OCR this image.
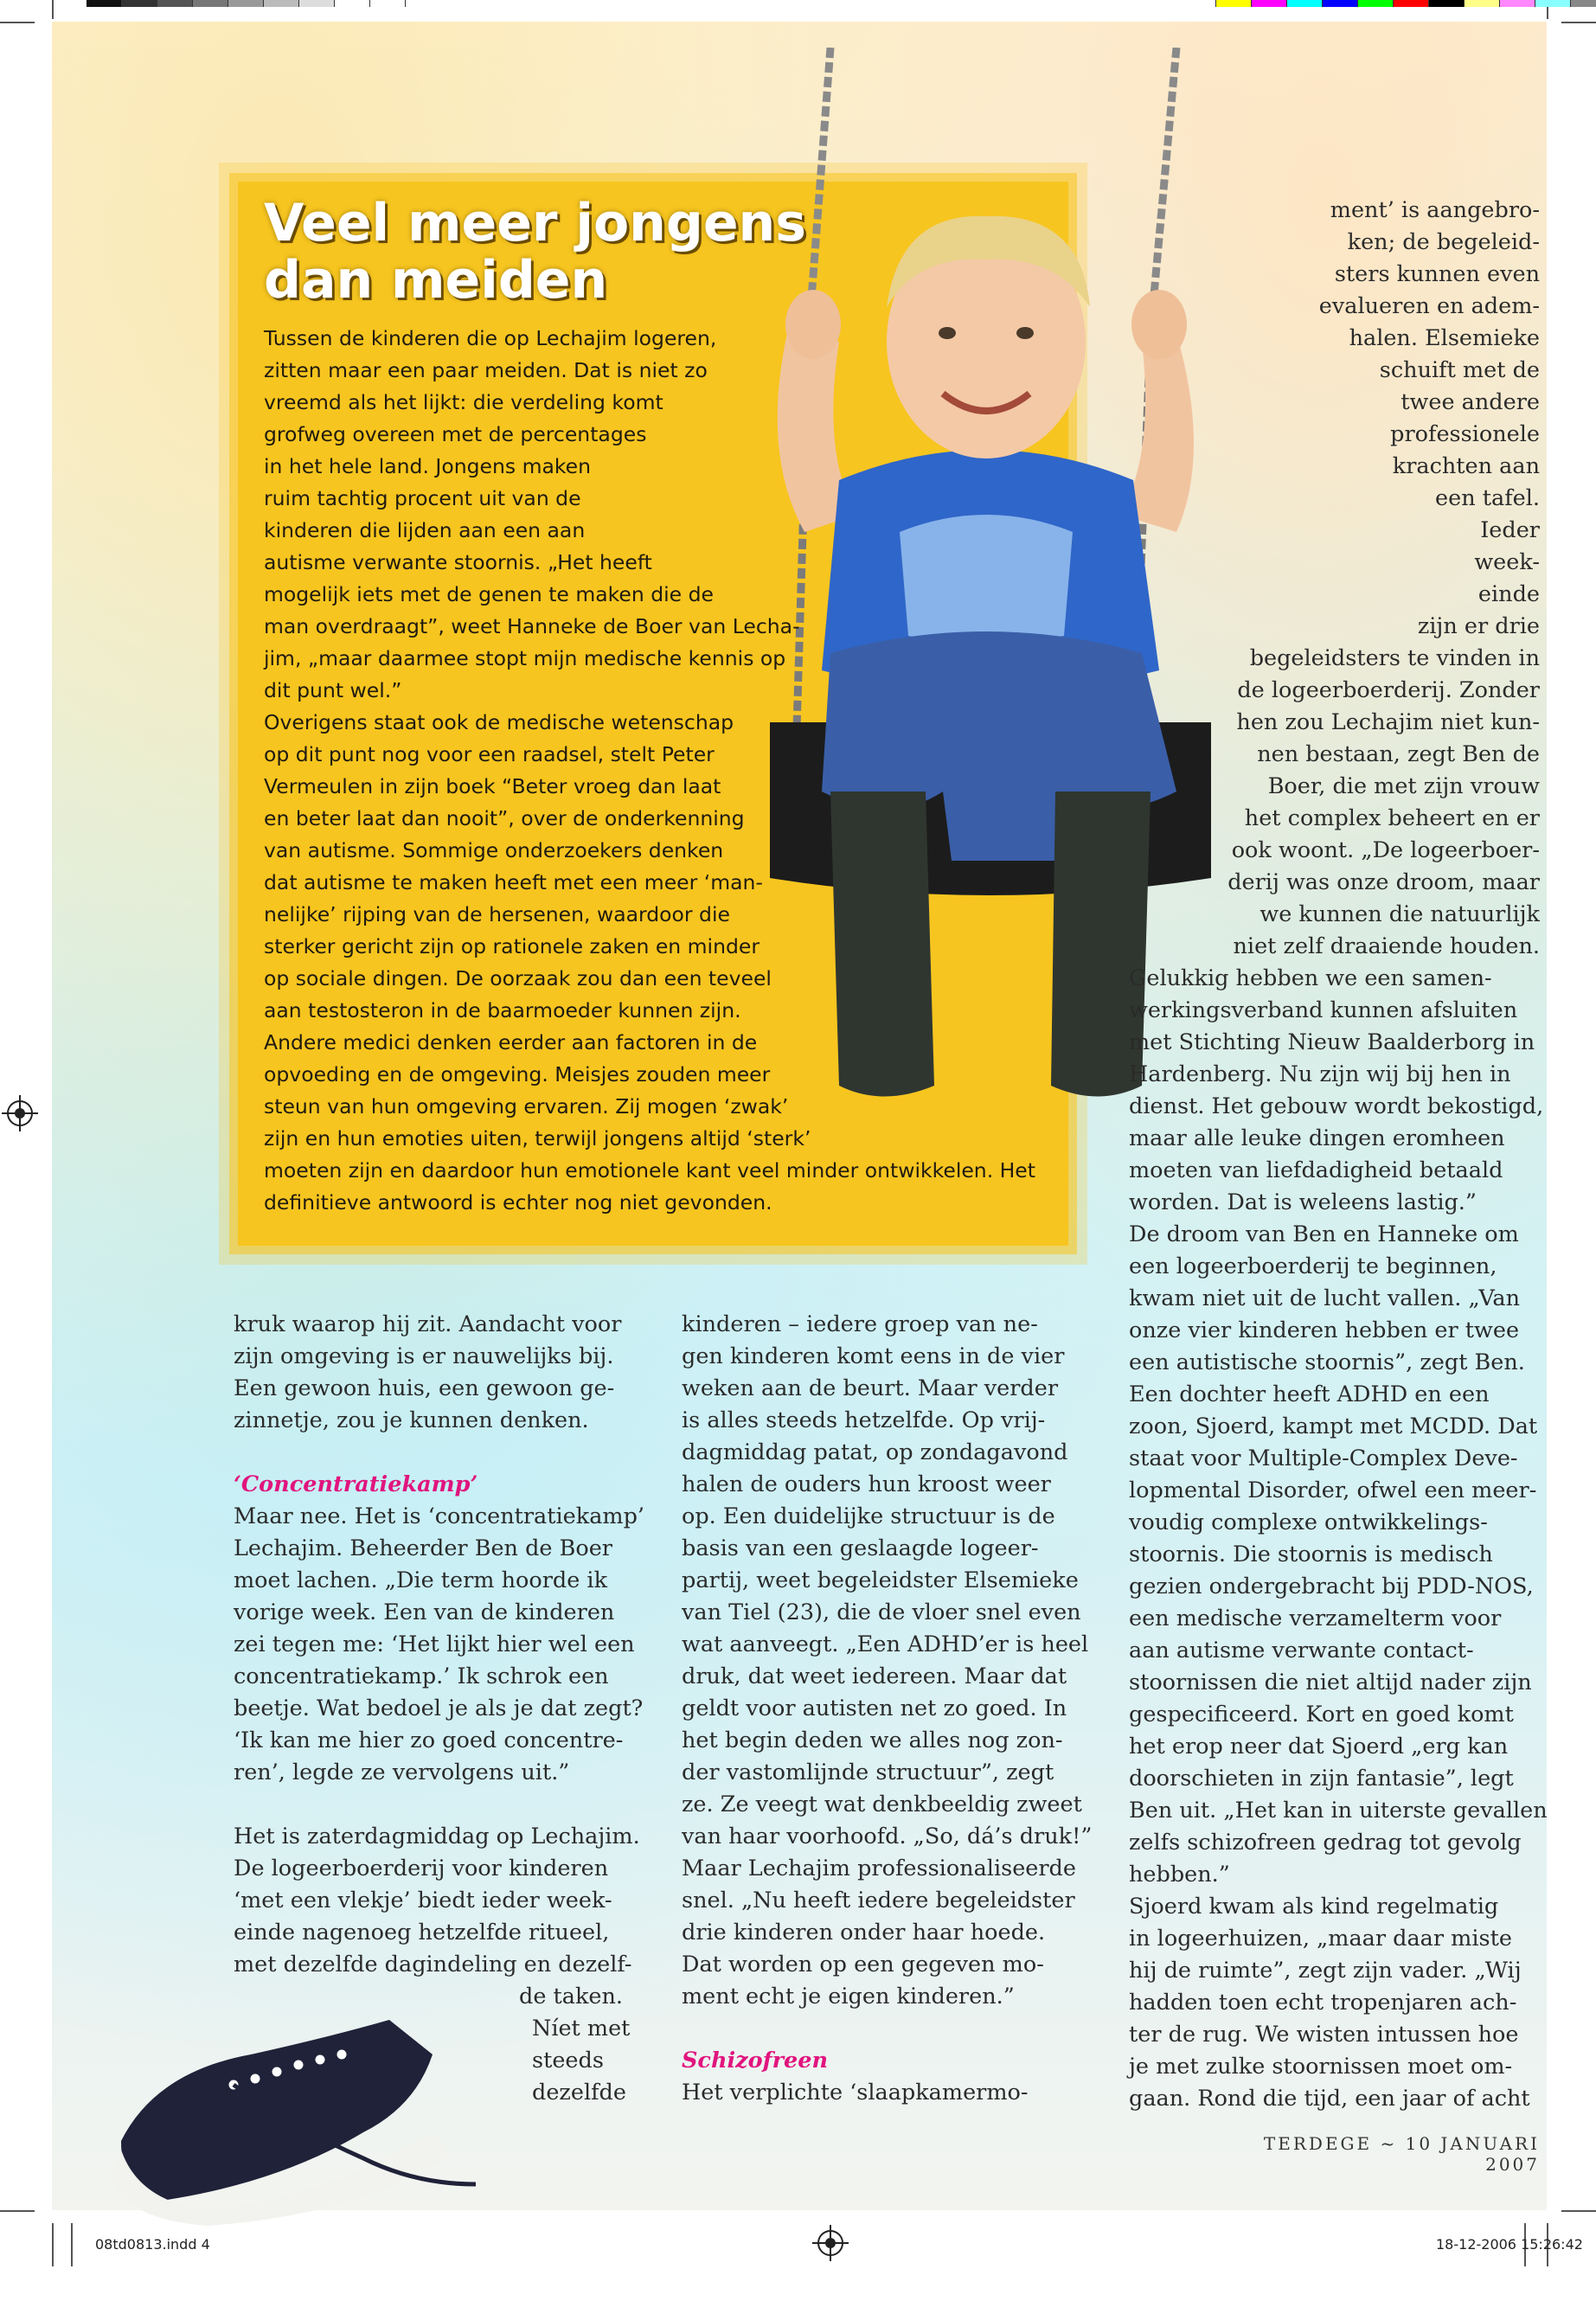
Veel meer jongens
dan meiden
Tussen de kinderen die op Lechajim logeren,
zitten maar een paar meiden. Dat is niet zo
vreemd als het lijkt: die verdeling komt
grofweg overeen met de percentages
in het hele land. Jongens maken
ruim tachtig procent uit van de
kinderen die lijden aan een aan
autisme verwante stoornis. „Het heeft
mogelijk iets met de genen te maken die de
man overdraagt”, weet Hanneke de Boer van Lecha-
jim, „maar daarmee stopt mijn medische kennis op
dit punt wel.”
Overigens staat ook de medische wetenschap
op dit punt nog voor een raadsel, stelt Peter
Vermeulen in zijn boek “Beter vroeg dan laat
en beter laat dan nooit”, over de onderkenning
van autisme. Sommige onderzoekers denken
dat autisme te maken heeft met een meer ‘man-
nelijke’ rijping van de hersenen, waardoor die
sterker gericht zijn op rationele zaken en minder
op sociale dingen. De oorzaak zou dan een teveel
aan testosteron in de baarmoeder kunnen zijn.
Andere medici denken eerder aan factoren in de
opvoeding en de omgeving. Meisjes zouden meer
steun van hun omgeving ervaren. Zij mogen ‘zwak’
zijn en hun emoties uiten, terwijl jongens altijd ‘sterk’
moeten zijn en daardoor hun emotionele kant veel minder ontwikkelen. Het
definitieve antwoord is echter nog niet gevonden.
ment’ is aangebro-
ken; de begeleid-
sters kunnen even
evalueren en adem-
halen. Elsemieke
schuift met de
twee andere
professionele
krachten aan
een tafel.
Ieder
week-
einde
zijn er drie
begeleidsters te vinden in
de logeerboerderij. Zonder
hen zou Lechajim niet kun-
nen bestaan, zegt Ben de
Boer, die met zijn vrouw
het complex beheert en er
ook woont. „De logeerboer-
derij was onze droom, maar
we kunnen die natuurlijk
niet zelf draaiende houden.
Gelukkig hebben we een samen-
werkingsverband kunnen afsluiten
met Stichting Nieuw Baalderborg in
Hardenberg. Nu zijn wij bij hen in
dienst. Het gebouw wordt bekostigd,
maar alle leuke dingen eromheen
moeten van liefdadigheid betaald
worden. Dat is weleens lastig.”
De droom van Ben en Hanneke om
een logeerboerderij te beginnen,
kwam niet uit de lucht vallen. „Van
onze vier kinderen hebben er twee
een autistische stoornis”, zegt Ben.
Een dochter heeft ADHD en een
zoon, Sjoerd, kampt met MCDD. Dat
staat voor Multiple-Complex Deve-
lopmental Disorder, ofwel een meer-
voudig complexe ontwikkelings-
stoornis. Die stoornis is medisch
gezien ondergebracht bij PDD-NOS,
een medische verzamelterm voor
aan autisme verwante contact-
stoornissen die niet altijd nader zijn
gespecificeerd. Kort en goed komt
het erop neer dat Sjoerd „erg kan
doorschieten in zijn fantasie”, legt
Ben uit. „Het kan in uiterste gevallen
zelfs schizofreen gedrag tot gevolg
hebben.”
Sjoerd kwam als kind regelmatig
in logeerhuizen, „maar daar miste
hij de ruimte”, zegt zijn vader. „Wij
hadden toen echt tropenjaren ach-
ter de rug. We wisten intussen hoe
je met zulke stoornissen moet om-
gaan. Rond die tijd, een jaar of acht
kruk waarop hij zit. Aandacht voor
zijn omgeving is er nauwelijks bij.
Een gewoon huis, een gewoon ge-
zinnetje, zou je kunnen denken.
‘Concentratiekamp’
Maar nee. Het is ‘concentratiekamp’
Lechajim. Beheerder Ben de Boer
moet lachen. „Die term hoorde ik
vorige week. Een van de kinderen
zei tegen me: ‘Het lijkt hier wel een
concentratiekamp.’ Ik schrok een
beetje. Wat bedoel je als je dat zegt?
‘Ik kan me hier zo goed concentre-
ren’, legde ze vervolgens uit.”
Het is zaterdagmiddag op Lechajim.
De logeerboerderij voor kinderen
‘met een vlekje’ biedt ieder week-
einde nagenoeg hetzelfde ritueel,
met dezelfde dagindeling en dezelf-
de taken.
Níet met
steeds
dezelfde
kinderen – iedere groep van ne-
gen kinderen komt eens in de vier
weken aan de beurt. Maar verder
is alles steeds hetzelfde. Op vrij-
dagmiddag patat, op zondagavond
halen de ouders hun kroost weer
op. Een duidelijke structuur is de
basis van een geslaagde logeer-
partij, weet begeleidster Elsemieke
van Tiel (23), die de vloer snel even
wat aanveegt. „Een ADHD’er is heel
druk, dat weet iedereen. Maar dat
geldt voor autisten net zo goed. In
het begin deden we alles nog zon-
der vastomlijnde structuur”, zegt
ze. Ze veegt wat denkbeeldig zweet
van haar voorhoofd. „So, dá’s druk!”
Maar Lechajim professionaliseerde
snel. „Nu heeft iedere begeleidster
drie kinderen onder haar hoede.
Dat worden op een gegeven mo-
ment echt je eigen kinderen.”
Schizofreen
Het verplichte ‘slaapkamermo-
TERDEGE ~ 10 JANUARI 2007
08td0813.indd 4	18-12-2006 15:26:42
